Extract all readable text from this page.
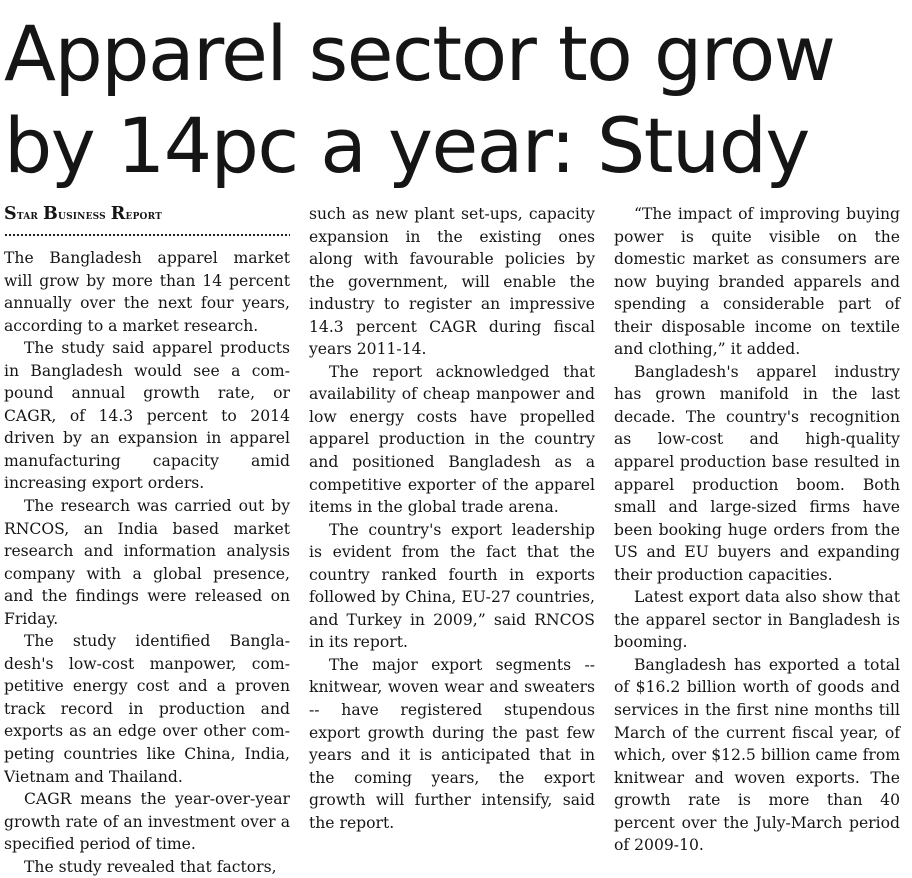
Apparel sector to grow
by 14pc a year: Study
Star Business Report

The Bangladesh apparel market will grow by more than 14 percent annually over the next four years, according to a market research.

The study said apparel products in Bangladesh would see a compound annual growth rate, or CAGR, of 14.3 percent to 2014 driven by an expansion in apparel manufacturing capacity amid increasing export orders.

The research was carried out by RNCOS, an India based market research and information analysis company with a global presence, and the findings were released on Friday.

The study identified Bangladesh's low-cost manpower, competitive energy cost and a proven track record in production and exports as an edge over other competing countries like China, India, Vietnam and Thailand.

CAGR means the year-over-year growth rate of an investment over a specified period of time.

The study revealed that factors,

such as new plant set-ups, capacity expansion in the existing ones along with favourable policies by the government, will enable the industry to register an impressive 14.3 percent CAGR during fiscal years 2011-14.

The report acknowledged that availability of cheap manpower and low energy costs have propelled apparel production in the country and positioned Bangladesh as a competitive exporter of the apparel items in the global trade arena.

The country's export leadership is evident from the fact that the country ranked fourth in exports followed by China, EU-27 countries, and Turkey in 2009,” said RNCOS in its report.

The major export segments -- knitwear, woven wear and sweaters -- have registered stupendous export growth during the past few years and it is anticipated that in the coming years, the export growth will further intensify, said the report.

“The impact of improving buying power is quite visible on the domestic market as consumers are now buying branded apparels and spending a considerable part of their disposable income on textile and clothing,” it added.

Bangladesh's apparel industry has grown manifold in the last decade. The country's recognition as low-cost and high-quality apparel production base resulted in apparel production boom. Both small and large-sized firms have been booking huge orders from the US and EU buyers and expanding their production capacities.

Latest export data also show that the apparel sector in Bangladesh is booming.

Bangladesh has exported a total of $16.2 billion worth of goods and services in the first nine months till March of the current fiscal year, of which, over $12.5 billion came from knitwear and woven exports. The growth rate is more than 40 percent over the July-March period of 2009-10.
